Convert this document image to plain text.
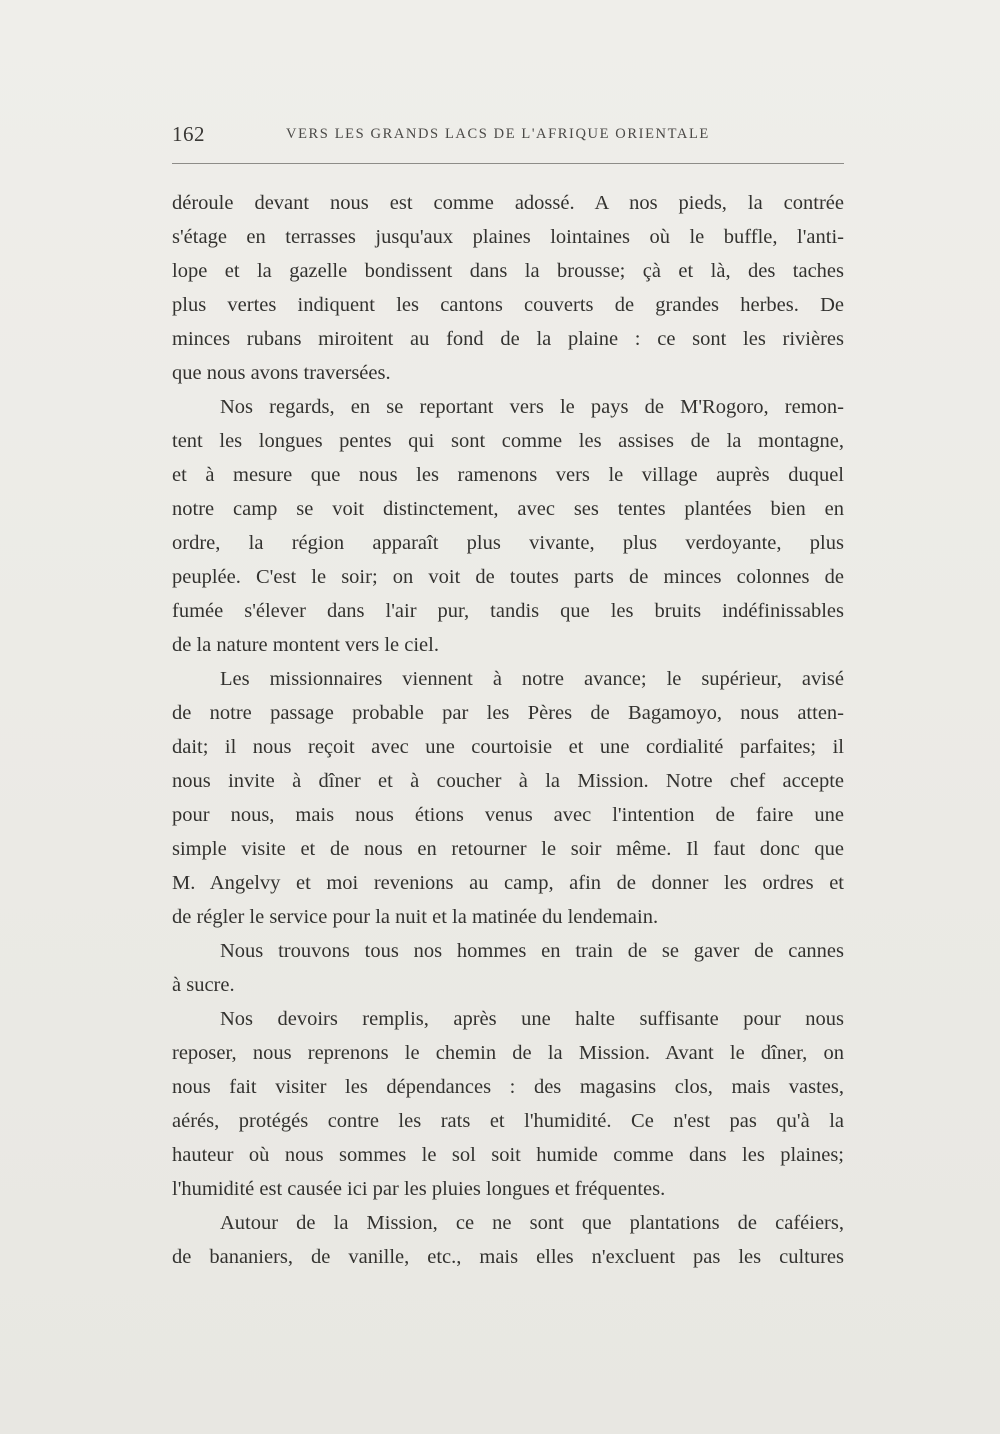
162	VERS LES GRANDS LACS DE L'AFRIQUE ORIENTALE
déroule devant nous est comme adossé. A nos pieds, la contrée
s'étage en terrasses jusqu'aux plaines lointaines où le buffle, l'anti-
lope et la gazelle bondissent dans la brousse; çà et là, des taches
plus vertes indiquent les cantons couverts de grandes herbes. De
minces rubans miroitent au fond de la plaine : ce sont les rivières
que nous avons traversées.
Nos regards, en se reportant vers le pays de M'Rogoro, remon-
tent les longues pentes qui sont comme les assises de la montagne,
et à mesure que nous les ramenons vers le village auprès duquel
notre camp se voit distinctement, avec ses tentes plantées bien en
ordre, la région apparaît plus vivante, plus verdoyante, plus
peuplée. C'est le soir; on voit de toutes parts de minces colonnes de
fumée s'élever dans l'air pur, tandis que les bruits indéfinissables
de la nature montent vers le ciel.
Les missionnaires viennent à notre avance; le supérieur, avisé
de notre passage probable par les Pères de Bagamoyo, nous atten-
dait; il nous reçoit avec une courtoisie et une cordialité parfaites; il
nous invite à dîner et à coucher à la Mission. Notre chef accepte
pour nous, mais nous étions venus avec l'intention de faire une
simple visite et de nous en retourner le soir même. Il faut donc que
M. Angelvy et moi revenions au camp, afin de donner les ordres et
de régler le service pour la nuit et la matinée du lendemain.
Nous trouvons tous nos hommes en train de se gaver de cannes
à sucre.
Nos devoirs remplis, après une halte suffisante pour nous
reposer, nous reprenons le chemin de la Mission. Avant le dîner, on
nous fait visiter les dépendances : des magasins clos, mais vastes,
aérés, protégés contre les rats et l'humidité. Ce n'est pas qu'à la
hauteur où nous sommes le sol soit humide comme dans les plaines;
l'humidité est causée ici par les pluies longues et fréquentes.
Autour de la Mission, ce ne sont que plantations de caféiers,
de bananiers, de vanille, etc., mais elles n'excluent pas les cultures
